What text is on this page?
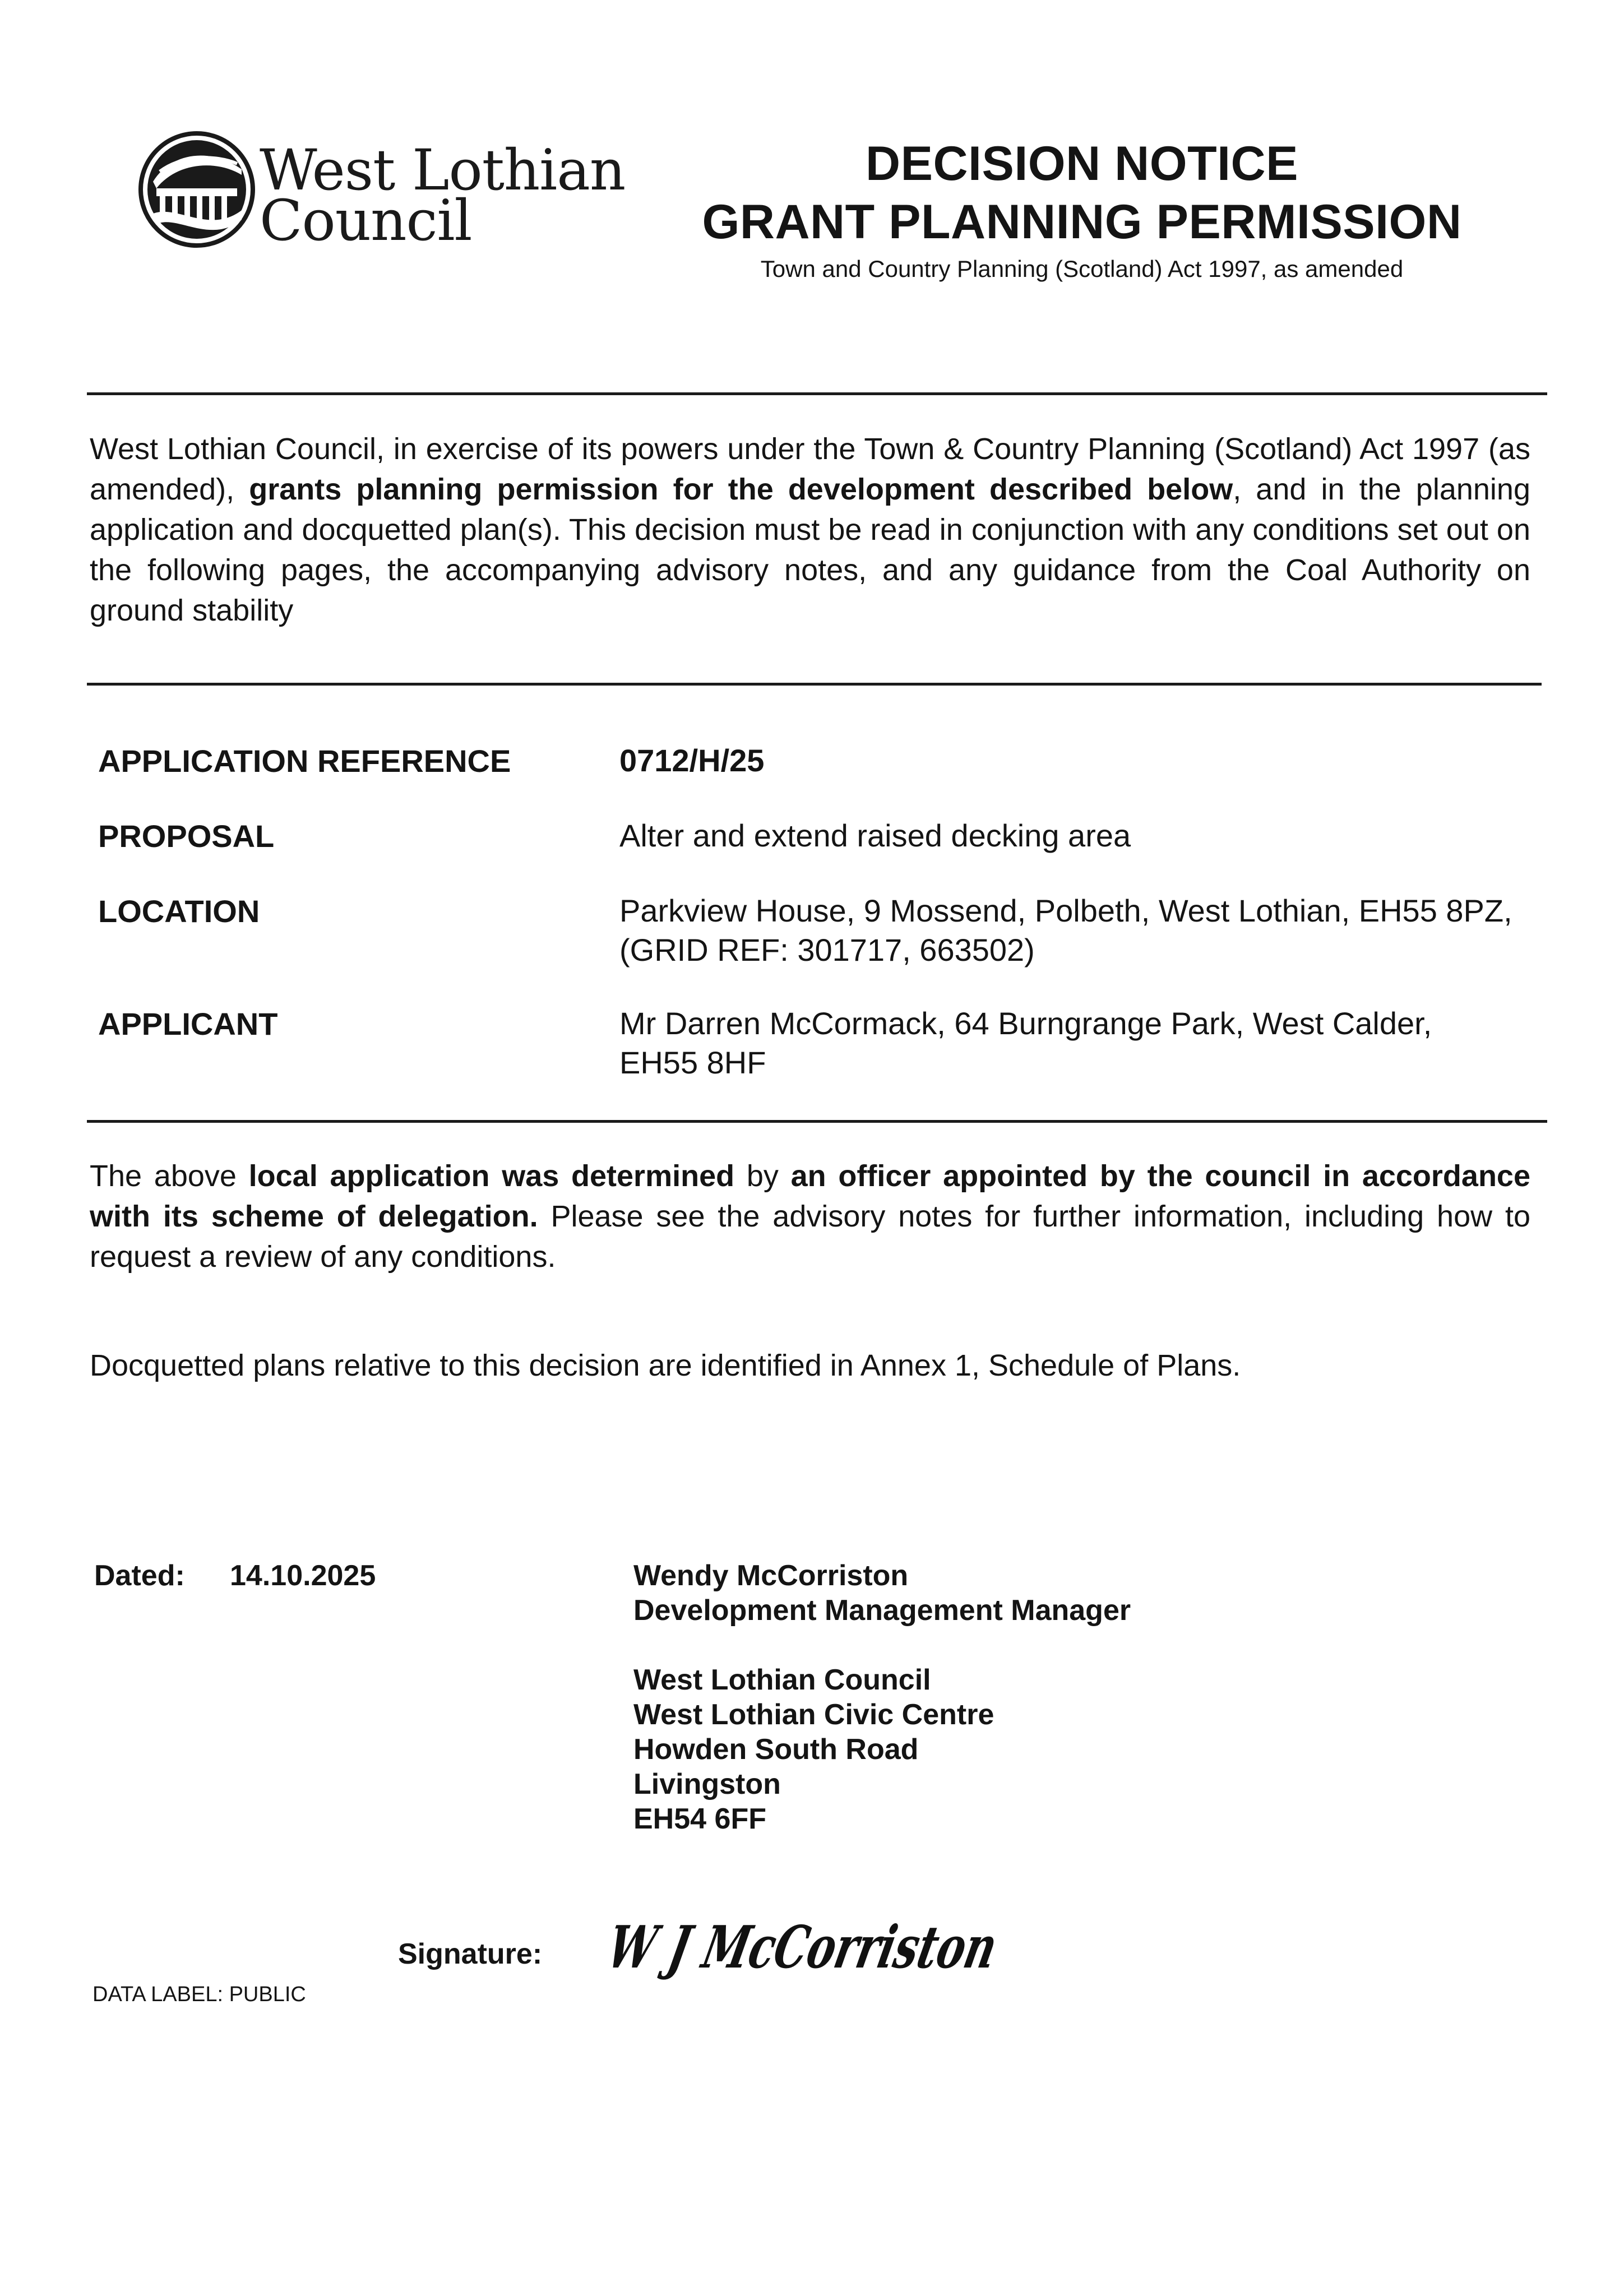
West Lothian
Council
DECISION NOTICE
GRANT PLANNING PERMISSION
Town and Country Planning (Scotland) Act 1997, as amended
West Lothian Council, in exercise of its powers under the Town & Country Planning (Scotland) Act 1997 (as amended), grants planning permission for the development described below, and in the planning application and docquetted plan(s). This decision must be read in conjunction with any conditions set out on the following pages, the accompanying advisory notes, and any guidance from the Coal Authority on ground stability
APPLICATION REFERENCE	0712/H/25
PROPOSAL	Alter and extend raised decking area
LOCATION	Parkview House, 9 Mossend, Polbeth, West Lothian, EH55 8PZ,
(GRID REF: 301717, 663502)
APPLICANT	Mr Darren McCormack, 64 Burngrange Park, West Calder,
EH55 8HF
The above local application was determined by an officer appointed by the council in accordance with its scheme of delegation. Please see the advisory notes for further information, including how to request a review of any conditions.
Docquetted plans relative to this decision are identified in Annex 1, Schedule of Plans.
Dated: 14.10.2025	Wendy McCorriston
Development Management Manager
West Lothian Council
West Lothian Civic Centre
Howden South Road
Livingston
EH54 6FF
Signature: W J McCorriston
DATA LABEL: PUBLIC
